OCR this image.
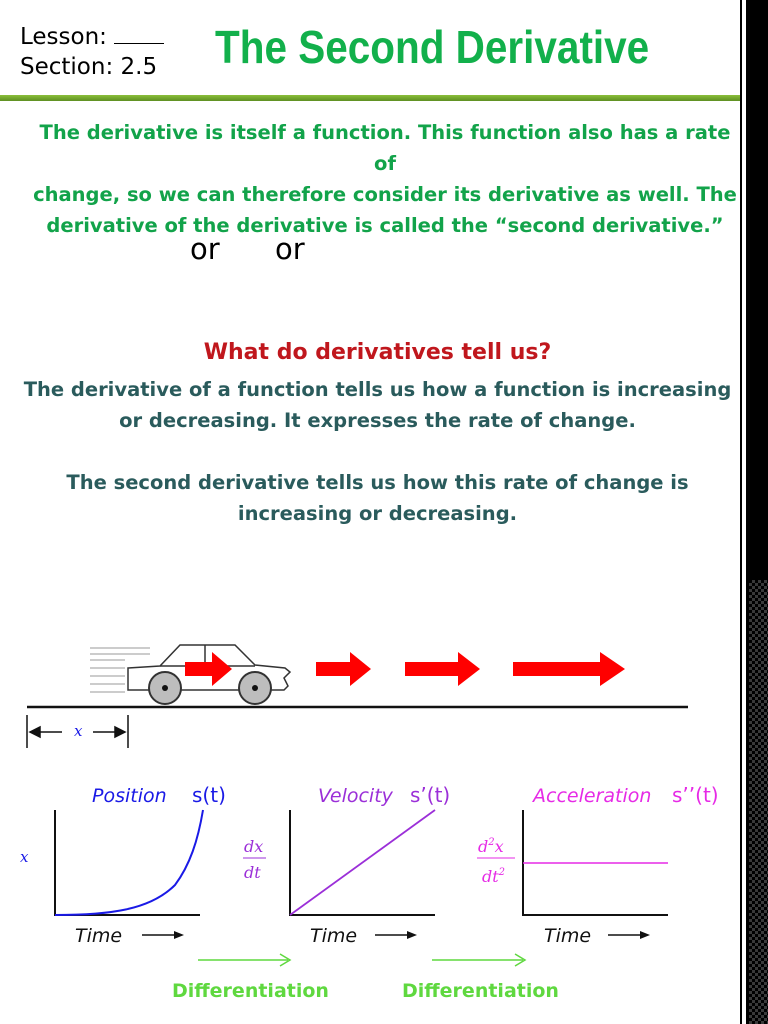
Lesson:
Section: 2.5 The Second Derivative
The derivative is itself a function. This function also has a rate of
change, so we can therefore consider its derivative as well. The
derivative of the derivative is called the “second derivative.”
or or
What do derivatives tell us?
The derivative of a function tells us how a function is increasing
or decreasing. It expresses the rate of change.
The second derivative tells us how this rate of change is
increasing or decreasing.
x
Position s(t)
x
Time
Velocity s’(t)
dx
dt
Time
Acceleration s’’(t)
$d^2x$
$dt^2$
Time
Differentiation	Differentiation
